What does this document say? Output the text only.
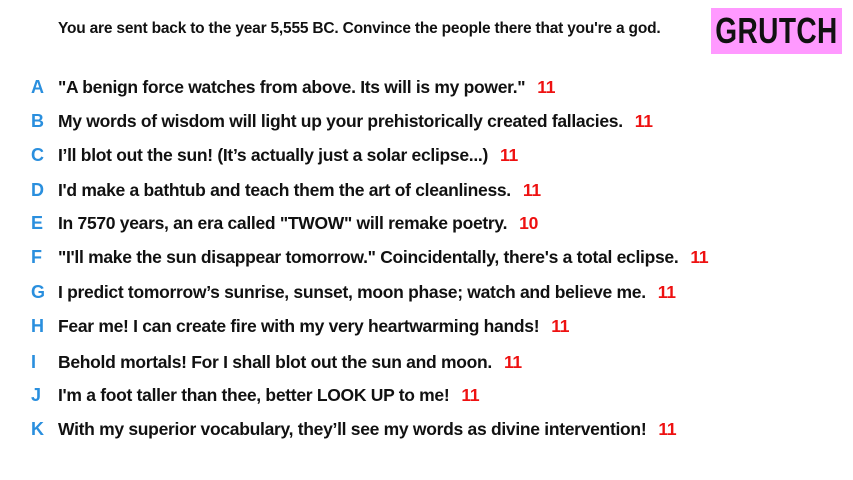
You are sent back to the year 5,555 BC. Convince the people there that you're a god. GRUTCH
A "A benign force watches from above. Its will is my power." 11
B My words of wisdom will light up your prehistorically created fallacies. 11
C I’ll blot out the sun! (It’s actually just a solar eclipse...) 11
D I'd make a bathtub and teach them the art of cleanliness. 11
E In 7570 years, an era called "TWOW" will remake poetry. 10
F "I'll make the sun disappear tomorrow." Coincidentally, there's a total eclipse. 11
G I predict tomorrow’s sunrise, sunset, moon phase; watch and believe me. 11
H Fear me! I can create fire with my very heartwarming hands! 11
I Behold mortals! For I shall blot out the sun and moon. 11
J I'm a foot taller than thee, better LOOK UP to me! 11
K With my superior vocabulary, they’ll see my words as divine intervention! 11
